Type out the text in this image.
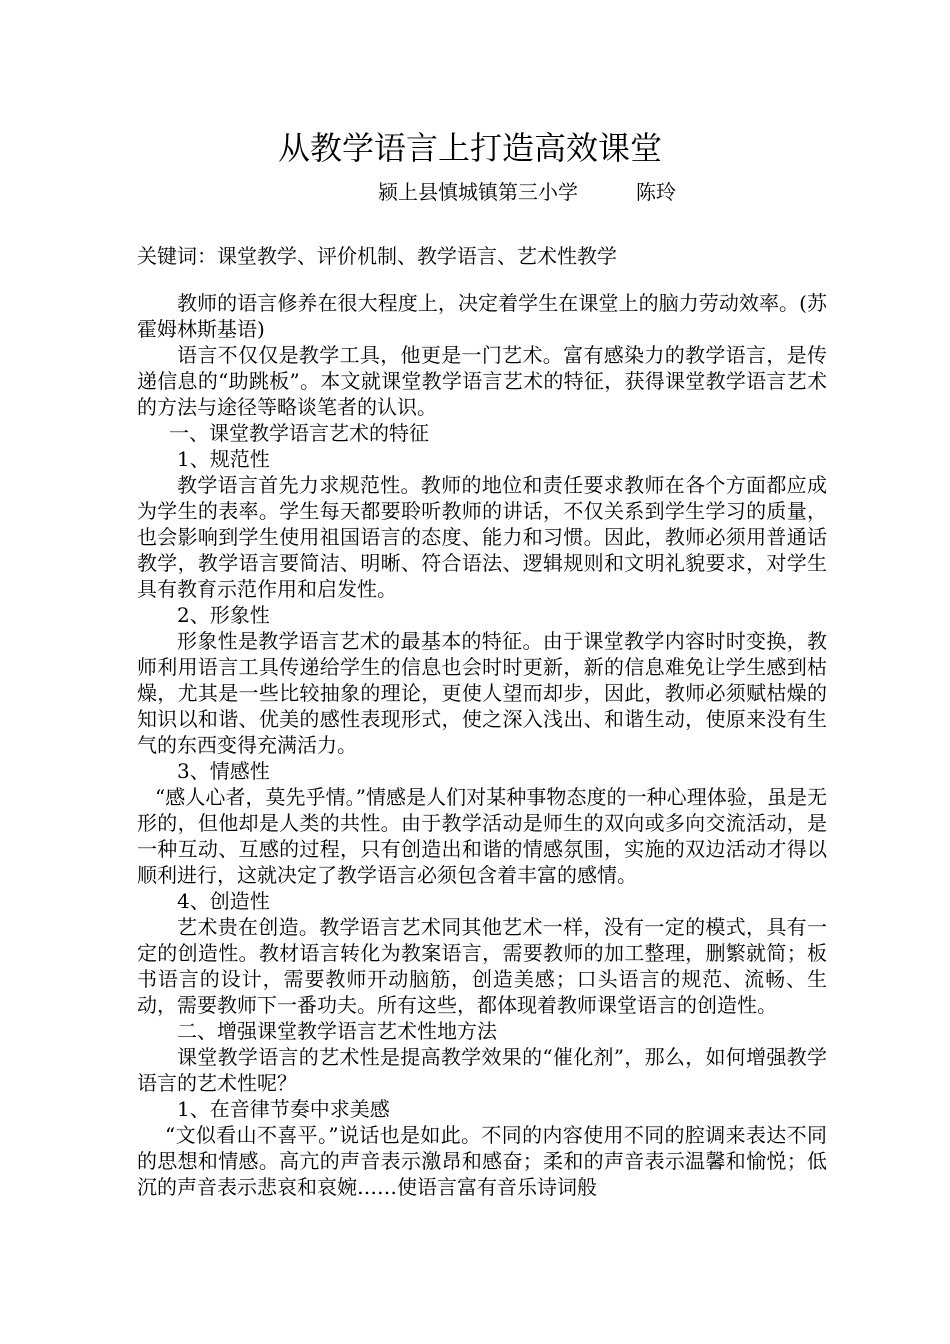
从教学语言上打造高效课堂
颍上县慎城镇第三小学	陈玲
关键词：课堂教学、评价机制、教学语言、艺术性教学

教师的语言修养在很大程度上，决定着学生在课堂上的脑力劳动效率。(苏霍姆林斯基语)

语言不仅仅是教学工具，他更是一门艺术。富有感染力的教学语言，是传递信息的“助跳板”。本文就课堂教学语言艺术的特征，获得课堂教学语言艺术的方法与途径等略谈笔者的认识。

一、课堂教学语言艺术的特征

1、规范性

教学语言首先力求规范性。教师的地位和责任要求教师在各个方面都应成为学生的表率。学生每天都要聆听教师的讲话，不仅关系到学生学习的质量，也会影响到学生使用祖国语言的态度、能力和习惯。因此，教师必须用普通话教学，教学语言要简洁、明晰、符合语法、逻辑规则和文明礼貌要求，对学生具有教育示范作用和启发性。

2、形象性

形象性是教学语言艺术的最基本的特征。由于课堂教学内容时时变换，教师利用语言工具传递给学生的信息也会时时更新，新的信息难免让学生感到枯燥，尤其是一些比较抽象的理论，更使人望而却步，因此，教师必须赋枯燥的知识以和谐、优美的感性表现形式，使之深入浅出、和谐生动，使原来没有生气的东西变得充满活力。

3、情感性

“感人心者，莫先乎情。”情感是人们对某种事物态度的一种心理体验，虽是无形的，但他却是人类的共性。由于教学活动是师生的双向或多向交流活动，是一种互动、互感的过程，只有创造出和谐的情感氛围，实施的双边活动才得以顺利进行，这就决定了教学语言必须包含着丰富的感情。

4、创造性

艺术贵在创造。教学语言艺术同其他艺术一样，没有一定的模式，具有一定的创造性。教材语言转化为教案语言，需要教师的加工整理，删繁就简；板书语言的设计，需要教师开动脑筋，创造美感；口头语言的规范、流畅、生动，需要教师下一番功夫。所有这些，都体现着教师课堂语言的创造性。

二、增强课堂教学语言艺术性地方法

课堂教学语言的艺术性是提高教学效果的“催化剂”，那么，如何增强教学语言的艺术性呢？

1、在音律节奏中求美感

“文似看山不喜平。”说话也是如此。不同的内容使用不同的腔调来表达不同的思想和情感。高亢的声音表示激昂和感奋；柔和的声音表示温馨和愉悦；低沉的声音表示悲哀和哀婉……使语言富有音乐诗词般
